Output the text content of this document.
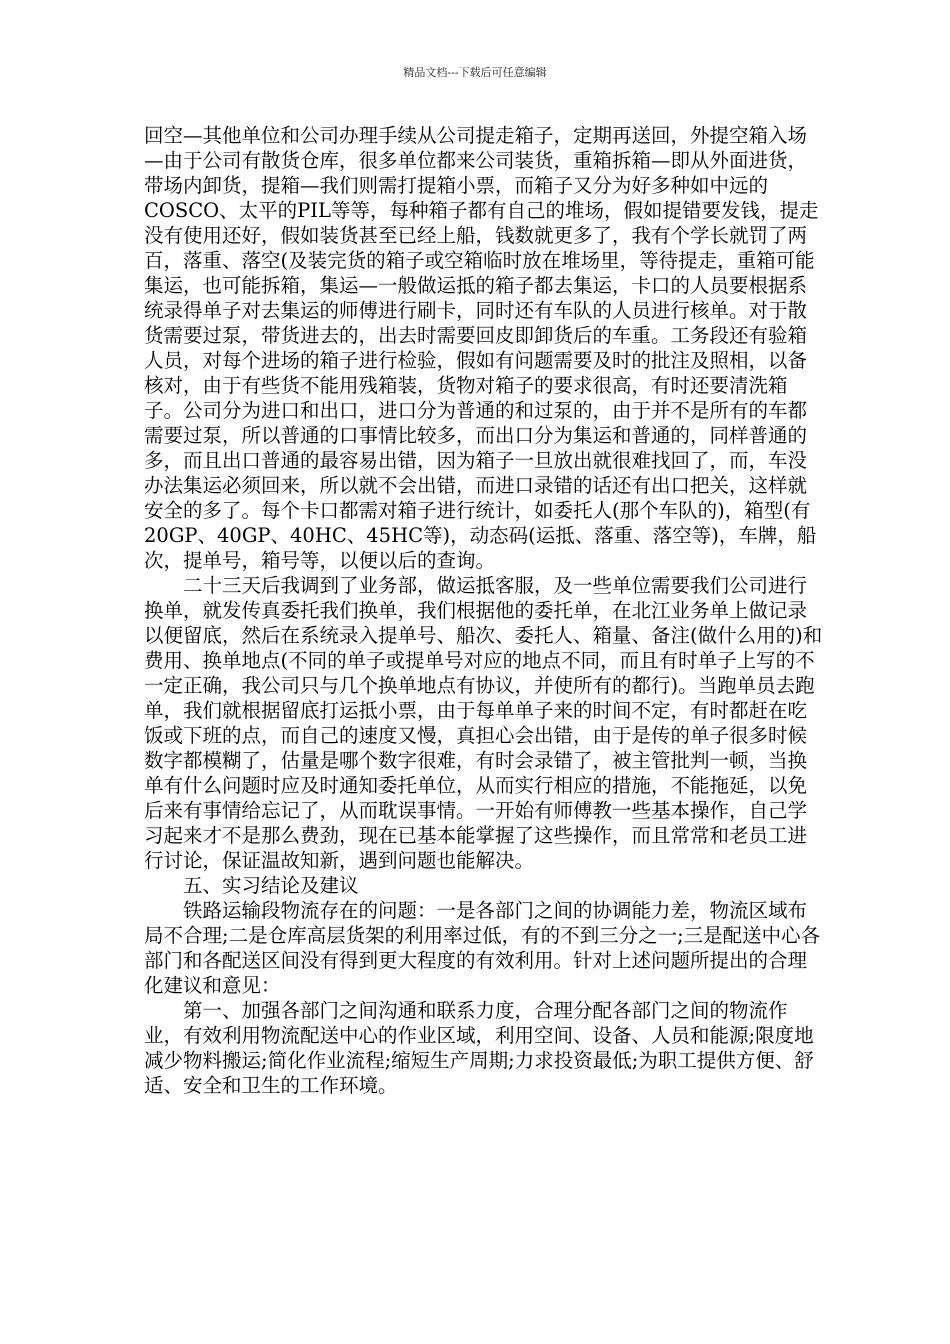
精品文档---下载后可任意编辑

回空—其他单位和公司办理手续从公司提走箱子，定期再送回，外提空箱入场—由于公司有散货仓库，很多单位都来公司装货，重箱拆箱—即从外面进货，带场内卸货，提箱—我们则需打提箱小票，而箱子又分为好多种如中远的COSCO、太平的PIL等等，每种箱子都有自己的堆场，假如提错要发钱，提走没有使用还好，假如装货甚至已经上船，钱数就更多了，我有个学长就罚了两百，落重、落空(及装完货的箱子或空箱临时放在堆场里，等待提走，重箱可能集运，也可能拆箱，集运—一般做运抵的箱子都去集运，卡口的人员要根据系统录得单子对去集运的师傅进行刷卡，同时还有车队的人员进行核单。对于散货需要过泵，带货进去的，出去时需要回皮即卸货后的车重。工务段还有验箱人员，对每个进场的箱子进行检验，假如有问题需要及时的批注及照相，以备核对，由于有些货不能用残箱装，货物对箱子的要求很高，有时还要清洗箱子。公司分为进口和出口，进口分为普通的和过泵的，由于并不是所有的车都需要过泵，所以普通的口事情比较多，而出口分为集运和普通的，同样普通的多，而且出口普通的最容易出错，因为箱子一旦放出就很难找回了，而，车没办法集运必须回来，所以就不会出错，而进口录错的话还有出口把关，这样就安全的多了。每个卡口都需对箱子进行统计，如委托人(那个车队的)，箱型(有20GP、40GP、40HC、45HC等)，动态码(运抵、落重、落空等)，车牌，船次，提单号，箱号等，以便以后的查询。

二十三天后我调到了业务部，做运抵客服，及一些单位需要我们公司进行换单，就发传真委托我们换单，我们根据他的委托单，在北江业务单上做记录以便留底，然后在系统录入提单号、船次、委托人、箱量、备注(做什么用的)和费用、换单地点(不同的单子或提单号对应的地点不同，而且有时单子上写的不一定正确，我公司只与几个换单地点有协议，并使所有的都行)。当跑单员去跑单，我们就根据留底打运抵小票，由于每单单子来的时间不定，有时都赶在吃饭或下班的点，而自己的速度又慢，真担心会出错，由于是传的单子很多时候数字都模糊了，估量是哪个数字很难，有时会录错了，被主管批判一顿，当换单有什么问题时应及时通知委托单位，从而实行相应的措施，不能拖延，以免后来有事情给忘记了，从而耽误事情。一开始有师傅教一些基本操作，自己学习起来才不是那么费劲，现在已基本能掌握了这些操作，而且常常和老员工进行讨论，保证温故知新，遇到问题也能解决。

五、实习结论及建议

铁路运输段物流存在的问题：一是各部门之间的协调能力差，物流区域布局不合理;二是仓库高层货架的利用率过低，有的不到三分之一;三是配送中心各部门和各配送区间没有得到更大程度的有效利用。针对上述问题所提出的合理化建议和意见：

第一、加强各部门之间沟通和联系力度，合理分配各部门之间的物流作业，有效利用物流配送中心的作业区域，利用空间、设备、人员和能源;限度地减少物料搬运;简化作业流程;缩短生产周期;力求投资最低;为职工提供方便、舒适、安全和卫生的工作环境。
